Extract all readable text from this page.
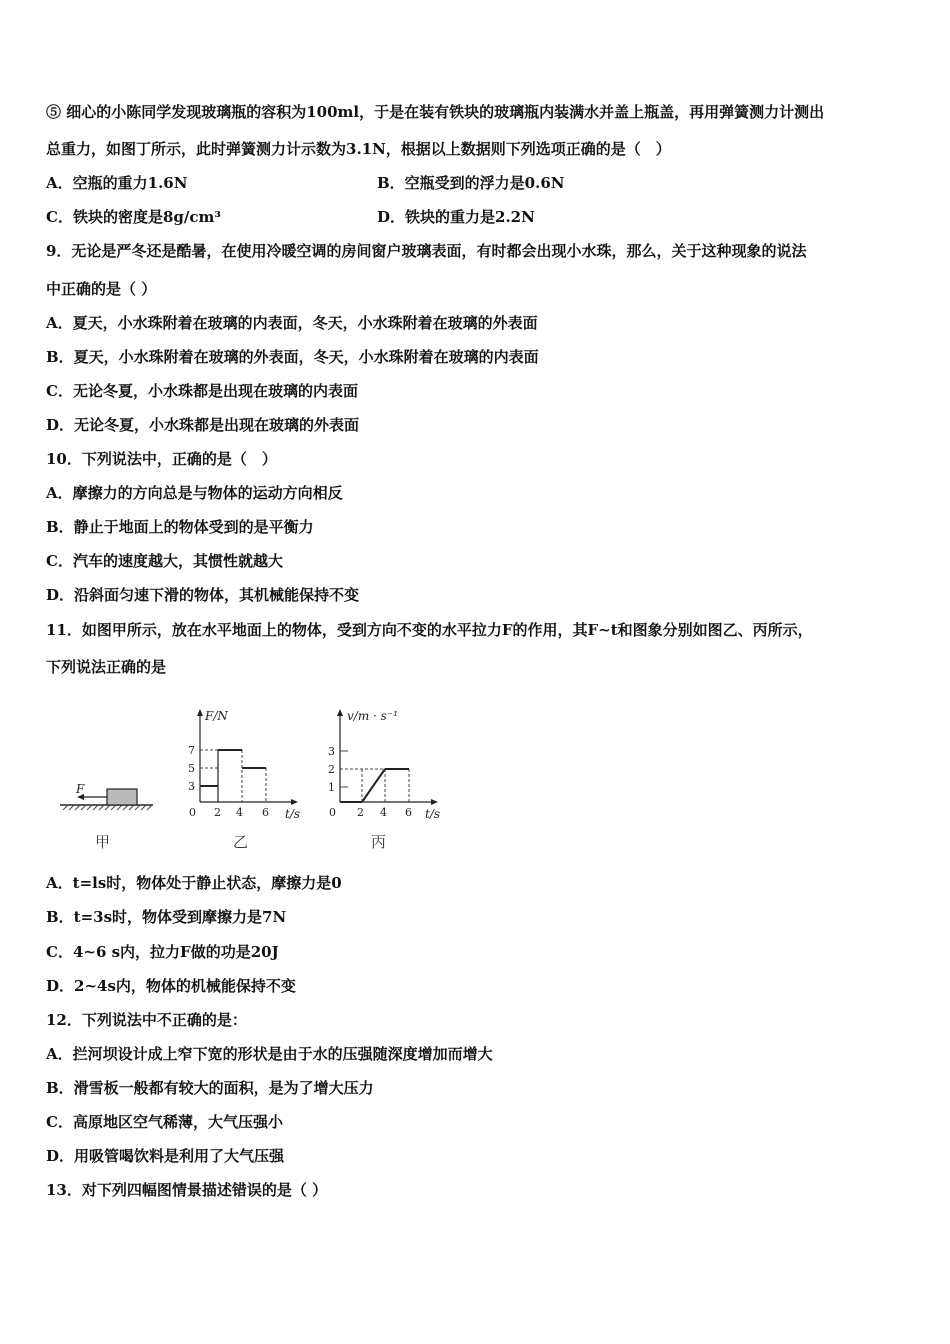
⑤ 细心的小陈同学发现玻璃瓶的容积为100ml，于是在装有铁块的玻璃瓶内装满水并盖上瓶盖，再用弹簧测力计测出
总重力，如图丁所示，此时弹簧测力计示数为3.1N，根据以上数据则下列选项正确的是（　）
A．空瓶的重力1.6N	B．空瓶受到的浮力是0.6N
C．铁块的密度是8g/cm³	D．铁块的重力是2.2N
9．无论是严冬还是酷暑，在使用冷暖空调的房间窗户玻璃表面，有时都会出现小水珠，那么，关于这种现象的说法
中正确的是（ ）
A．夏天，小水珠附着在玻璃的内表面，冬天，小水珠附着在玻璃的外表面
B．夏天，小水珠附着在玻璃的外表面，冬天，小水珠附着在玻璃的内表面
C．无论冬夏，小水珠都是出现在玻璃的内表面
D．无论冬夏，小水珠都是出现在玻璃的外表面
10．下列说法中，正确的是（　）
A．摩擦力的方向总是与物体的运动方向相反
B．静止于地面上的物体受到的是平衡力
C．汽车的速度越大，其惯性就越大
D．沿斜面匀速下滑的物体，其机械能保持不变
11．如图甲所示，放在水平地面上的物体，受到方向不变的水平拉力F的作用，其F~t和图象分别如图乙、丙所示，
下列说法正确的是
F
甲
F/N
t/s
0 2 4 6
3
5
7
乙
v/m · s⁻¹
t/s
0 2 4 6
1
2
3
丙
A．t=ls时，物体处于静止状态，摩擦力是0
B．t=3s时，物体受到摩擦力是7N
C．4~6 s内，拉力F做的功是20J
D．2~4s内，物体的机械能保持不变
12．下列说法中不正确的是：
A．拦河坝设计成上窄下宽的形状是由于水的压强随深度增加而增大
B．滑雪板一般都有较大的面积，是为了增大压力
C．高原地区空气稀薄，大气压强小
D．用吸管喝饮料是利用了大气压强
13．对下列四幅图情景描述错误的是（ ）
